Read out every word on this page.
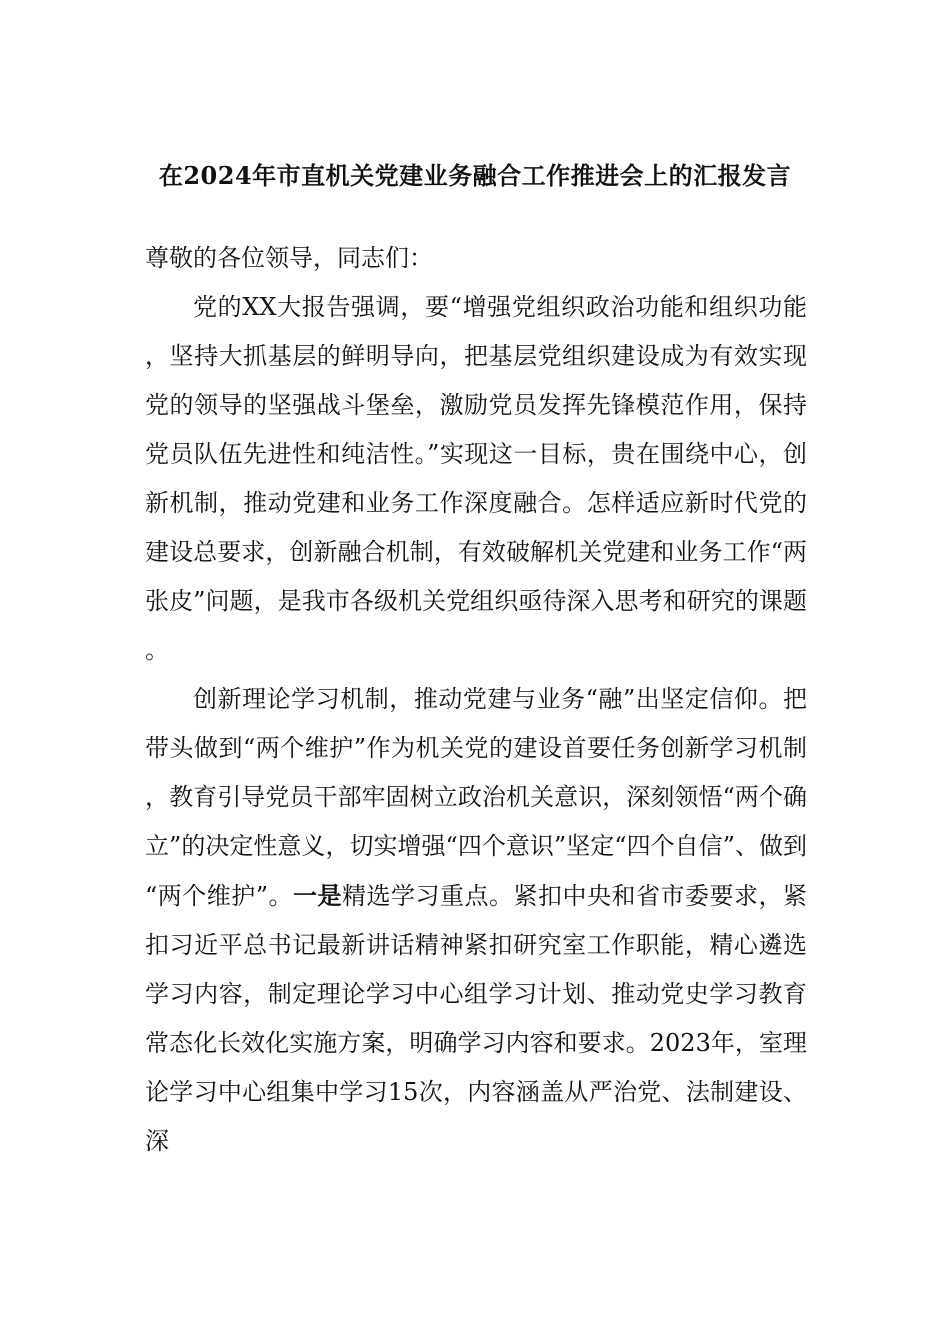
在2024年市直机关党建业务融合工作推进会上的汇报发言

尊敬的各位领导，同志们：

党的XX大报告强调，要“增强党组织政治功能和组织功能，坚持大抓基层的鲜明导向，把基层党组织建设成为有效实现党的领导的坚强战斗堡垒，激励党员发挥先锋模范作用，保持党员队伍先进性和纯洁性。”实现这一目标，贵在围绕中心，创新机制，推动党建和业务工作深度融合。怎样适应新时代党的建设总要求，创新融合机制，有效破解机关党建和业务工作“两张皮”问题，是我市各级机关党组织亟待深入思考和研究的课题。

创新理论学习机制，推动党建与业务“融”出坚定信仰。把带头做到“两个维护”作为机关党的建设首要任务创新学习机制，教育引导党员干部牢固树立政治机关意识，深刻领悟“两个确立”的决定性意义，切实增强“四个意识”坚定“四个自信”、做到“两个维护”。一是精选学习重点。紧扣中央和省市委要求，紧扣习近平总书记最新讲话精神紧扣研究室工作职能，精心遴选学习内容，制定理论学习中心组学习计划、推动党史学习教育常态化长效化实施方案，明确学习内容和要求。2023年，室理论学习中心组集中学习15次，内容涵盖从严治党、法制建设、深
